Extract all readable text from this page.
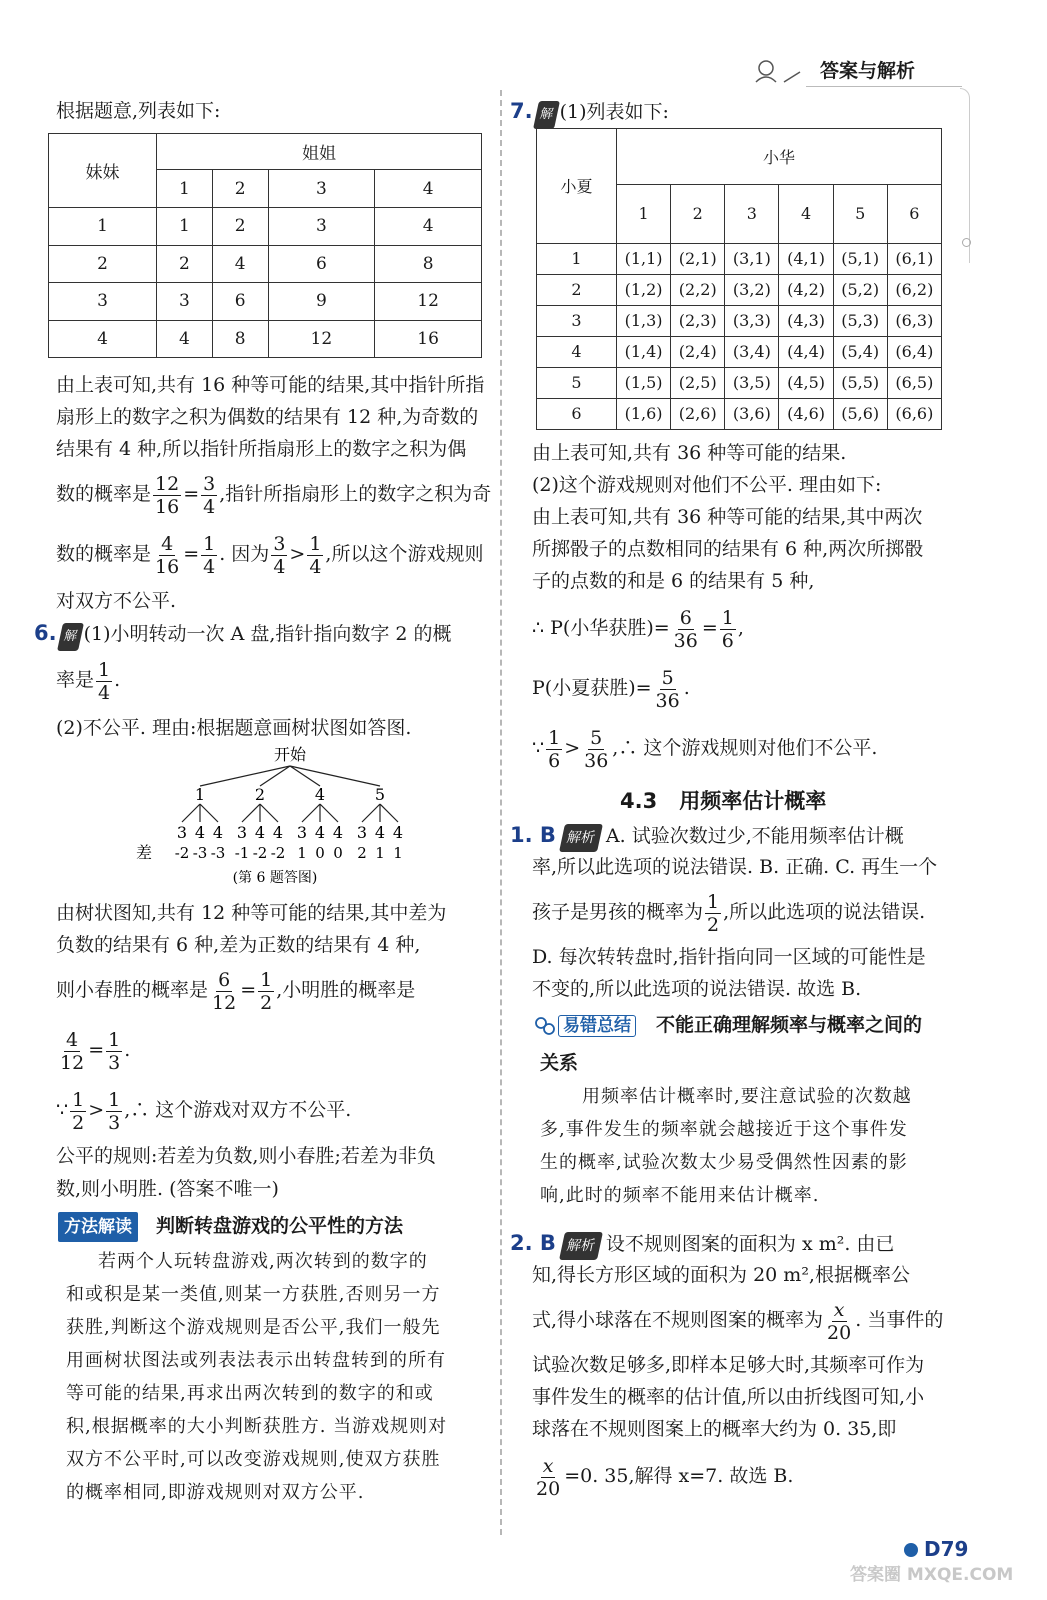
答案与解析
根据题意,列表如下:
妹妹	姐姐			
	1	2	3	4
1	1	2	3	4
2	2	4	6	8
3	3	6	9	12
4	4	8	12	16
由上表可知,共有 16 种等可能的结果,其中指针所指
扇形上的数字之积为偶数的结果有 12 种,为奇数的
结果有 4 种,所以指针所指扇形上的数字之积为偶
数的概率是 $\frac{12}{16} = \frac{3}{4}$ ,指针所指扇形上的数字之积为奇
数的概率是 $\frac{4}{16} = \frac{1}{4}$ . 因为 $\frac{3}{4} > \frac{1}{4}$ ,所以这个游戏规则
对双方不公平.
6. 解 (1)小明转动一次 A 盘,指针指向数字 2 的概
率是 $\frac{1}{4}$ .
(2)不公平. 理由:根据题意画树状图如答图.
开始
1	2	4	5
3 4 4 3 4 4 3 4 4 3 4 4
差 -2 -3 -3 -1 -2 -2 1 0 0 2 1 1
(第 6 题答图)
由树状图知,共有 12 种等可能的结果,其中差为
负数的结果有 6 种,差为正数的结果有 4 种,
则小春胜的概率是 $\frac{6}{12} = \frac{1}{2}$ ,小明胜的概率是
$\frac{4}{12} = \frac{1}{3}$ .
∵ $\frac{1}{2} > \frac{1}{3}$ ,∴ 这个游戏对双方不公平.
公平的规则:若差为负数,则小春胜;若差为非负
数,则小明胜. (答案不唯一)
方法解读 判断转盘游戏的公平性的方法
若两个人玩转盘游戏,两次转到的数字的
和或积是某一类值,则某一方获胜,否则另一方
获胜,判断这个游戏规则是否公平,我们一般先
用画树状图法或列表法表示出转盘转到的所有
等可能的结果,再求出两次转到的数字的和或
积,根据概率的大小判断获胜方. 当游戏规则对
双方不公平时,可以改变游戏规则,使双方获胜
的概率相同,即游戏规则对双方公平.
7. 解 (1)列表如下:
小夏	小华					
	1	2	3	4	5	6
1	(1,1)	(2,1)	(3,1)	(4,1)	(5,1)	(6,1)
2	(1,2)	(2,2)	(3,2)	(4,2)	(5,2)	(6,2)
3	(1,3)	(2,3)	(3,3)	(4,3)	(5,3)	(6,3)
4	(1,4)	(2,4)	(3,4)	(4,4)	(5,4)	(6,4)
5	(1,5)	(2,5)	(3,5)	(4,5)	(5,5)	(6,5)
6	(1,6)	(2,6)	(3,6)	(4,6)	(5,6)	(6,6)
由上表可知,共有 36 种等可能的结果.
(2)这个游戏规则对他们不公平. 理由如下:
由上表可知,共有 36 种等可能的结果,其中两次
所掷骰子的点数相同的结果有 6 种,两次所掷骰
子的点数的和是 6 的结果有 5 种,
∴ P(小华获胜)= $\frac{6}{36} = \frac{1}{6}$ ,
P(小夏获胜)= $\frac{5}{36}$ .
∵ $\frac{1}{6} > \frac{5}{36}$ ,∴ 这个游戏规则对他们不公平.
4.3 用频率估计概率
1. B 解析 A. 试验次数过少,不能用频率估计概
率,所以此选项的说法错误. B. 正确. C. 再生一个
孩子是男孩的概率为 $\frac{1}{2}$ ,所以此选项的说法错误.
D. 每次转转盘时,指针指向同一区域的可能性是
不变的,所以此选项的说法错误. 故选 B.
易错总结 不能正确理解频率与概率之间的
关系
用频率估计概率时,要注意试验的次数越
多,事件发生的频率就会越接近于这个事件发
生的概率,试验次数太少易受偶然性因素的影
响,此时的频率不能用来估计概率.
2. B 解析 设不规则图案的面积为 x m². 由已
知,得长方形区域的面积为 20 m²,根据概率公
式,得小球落在不规则图案的概率为 $\frac{x}{20}$ . 当事件的
试验次数足够多,即样本足够大时,其频率可作为
事件发生的概率的估计值,所以由折线图可知,小
球落在不规则图案上的概率大约为 0. 35,即
$\frac{x}{20} =0$. 35,解得 x=7. 故选 B.
D79
答案圈 MXQE.COM
